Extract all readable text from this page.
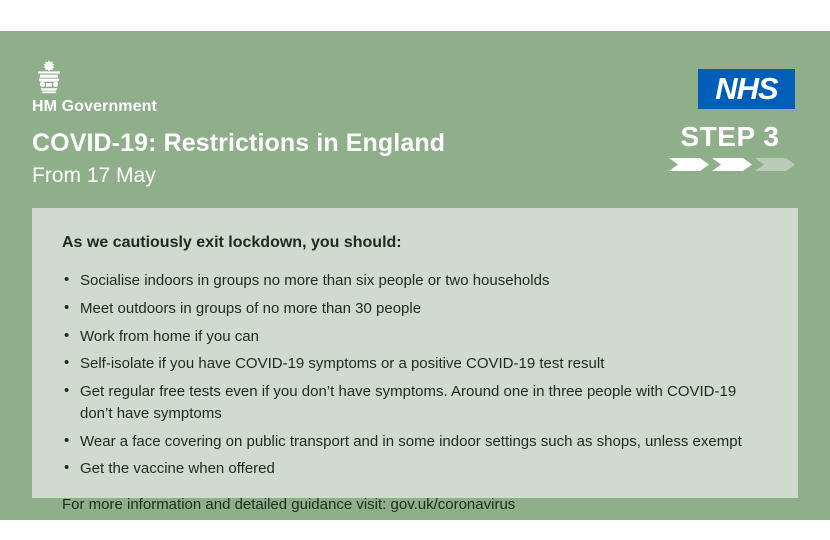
HM Government
COVID-19: Restrictions in England
From 17 May
NHS
STEP 3

As we cautiously exit lockdown, you should:

• Socialise indoors in groups no more than six people or two households
• Meet outdoors in groups of no more than 30 people
• Work from home if you can
• Self-isolate if you have COVID-19 symptoms or a positive COVID-19 test result
• Get regular free tests even if you don’t have symptoms. Around one in three people with COVID-19 don’t have symptoms
• Wear a face covering on public transport and in some indoor settings such as shops, unless exempt
• Get the vaccine when offered
For more information and detailed guidance visit: gov.uk/coronavirus
